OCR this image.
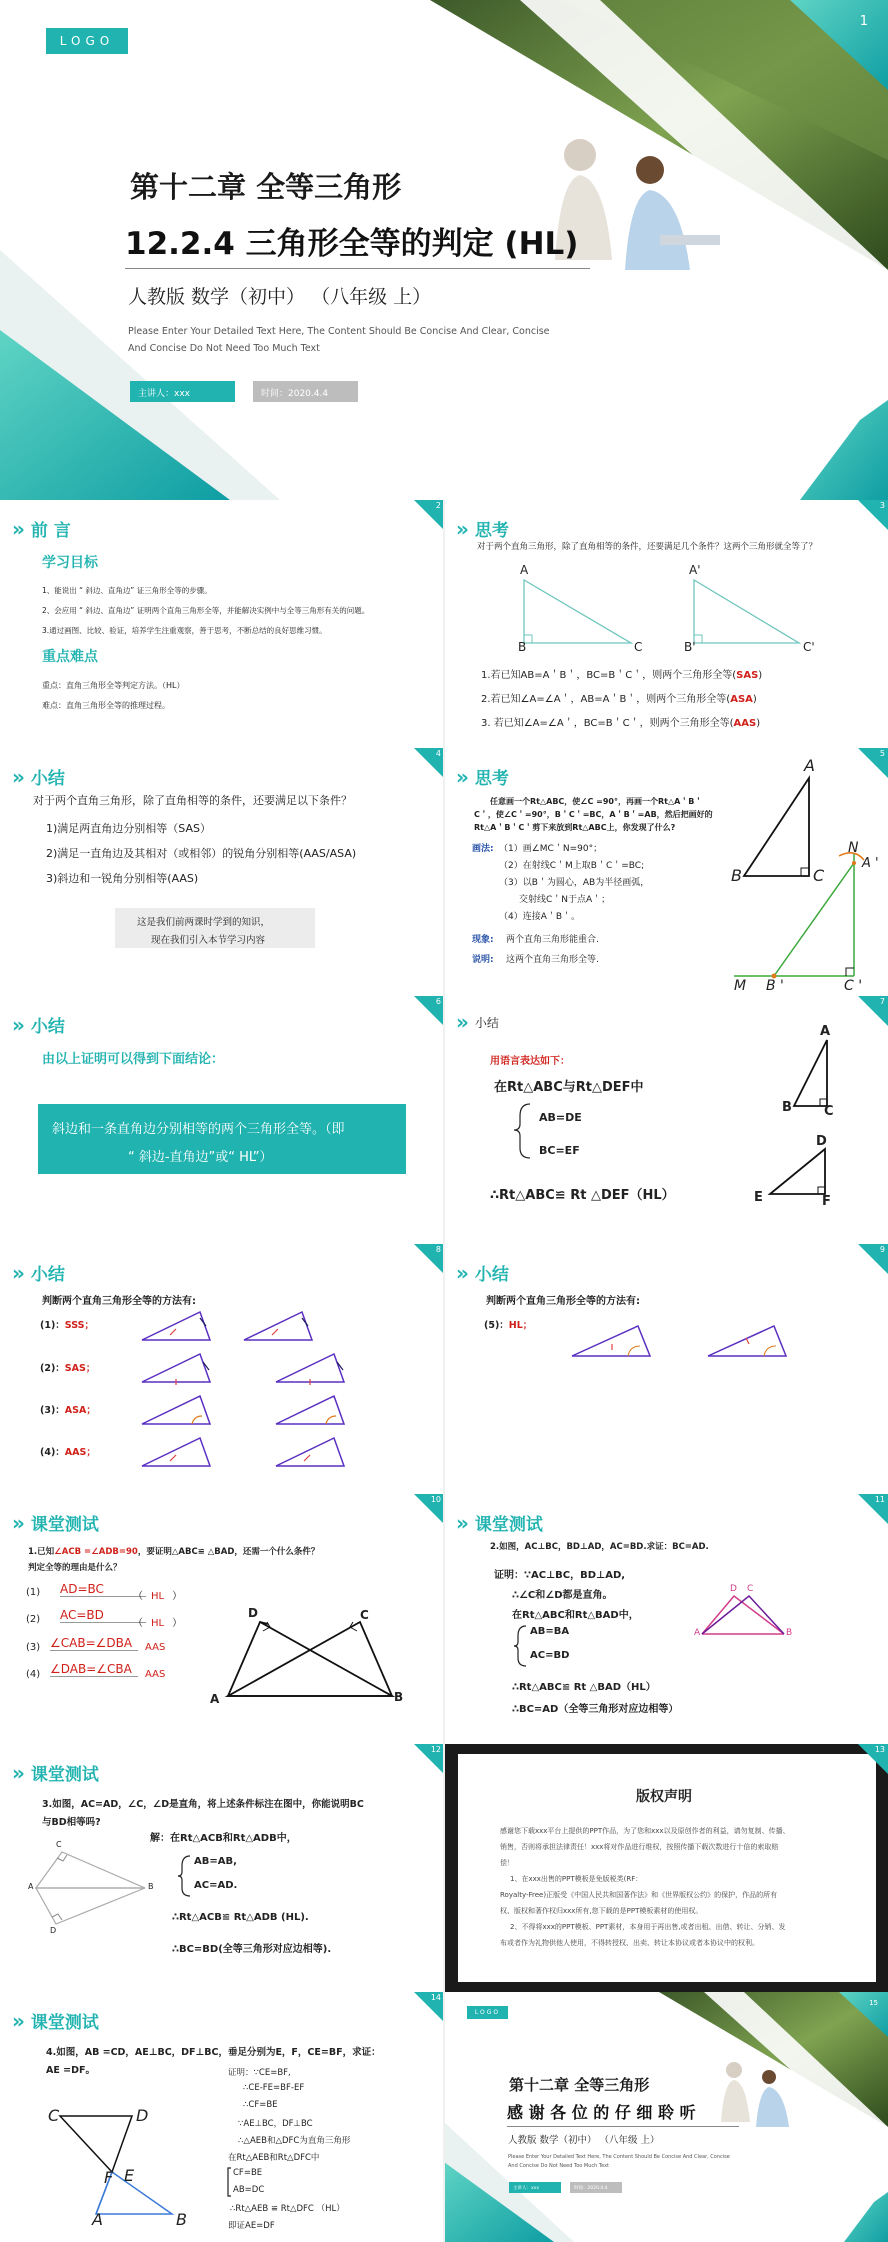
LOGO
1
第十二章 全等三角形
12.2.4 三角形全等的判定 (HL)
人教版 数学（初中） （八年级 上）
Please Enter Your Detailed Text Here, The Content Should Be Concise And Clear, Concise
And Concise Do Not Need Too Much Text
主讲人：xxx	时间：2020.4.4
2
» 前 言
学习目标
1、能说出 “ 斜边、直角边” 证三角形全等的步骤。
2、会应用 “ 斜边、直角边” 证明两个直角三角形全等，并能解决实例中与全等三角形有关的问题。
3.通过画图、比较、验证，培养学生注重观察，善于思考，不断总结的良好思维习惯。
重点难点
重点：直角三角形全等判定方法。（HL）
难点：直角三角形全等的推理过程。
3
» 思考
对于两个直角三角形，除了直角相等的条件，还要满足几个条件？这两个三角形就全等了？
A
B	C
A'
B'	C'
1.若已知AB=A＇B＇，BC=B＇C＇，则两个三角形全等(SAS)
2.若已知∠A=∠A＇，AB=A＇B＇，则两个三角形全等(ASA)
3. 若已知∠A=∠A＇，BC=B＇C＇，则两个三角形全等(AAS)
4
» 小结
对于两个直角三角形，除了直角相等的条件，还要满足以下条件？
1)满足两直角边分别相等（SAS）
2)满足一直角边及其相对（或相邻）的锐角分别相等(AAS/ASA)
3)斜边和一锐角分别相等(AAS)
这是我们前两课时学到的知识，
现在我们引入本节学习内容
5
» 思考
任意画一个Rt△ABC，使∠C =90°，再画一个Rt△A＇B＇
C＇，使∠C＇=90°，B＇C＇=BC，A＇B＇=AB，然后把画好的
Rt△A＇B＇C＇剪下来放到Rt△ABC上，你发现了什么?
画法: （1）画∠MC＇N=90°；
（2）在射线C＇M上取B＇C＇=BC;
（3）以B＇为圆心，AB为半径画弧，
交射线C＇N于点A＇；
（4）连接A＇B＇。
现象: 两个直角三角形能重合.
说明: 这两个直角三角形全等.
A
B	C
N
A '
M B '	C '
6
» 小结
由以上证明可以得到下面结论：
斜边和一条直角边分别相等的两个三角形全等。（即
“ 斜边-直角边”或“ HL”）
7
» 小结
用语言表达如下：
在Rt△ABC与Rt△DEF中
AB=DE
BC=EF
∴Rt△ABC≌ Rt △DEF（HL）
A
B C
D
E	F
8
» 小结
判断两个直角三角形全等的方法有:
(1)：SSS；
(2)：SAS；
(3)：ASA；
(4)：AAS；
9
» 小结
判断两个直角三角形全等的方法有:
(5)：HL；
10
» 课堂测试
1.已知∠ACB =∠ADB=90，要证明△ABC≌ △BAD，还需一个什么条件？
判定全等的理由是什么？
(1) AD=BC
（ HL ）
(2) AC=BD
（ HL ）
(3) ∠CAB=∠DBA	AAS
(4) ∠DAB=∠CBA	AAS
D	C
A	B
11
» 课堂测试
2.如图，AC⊥BC，BD⊥AD，AC=BD.求证：BC=AD.
证明：∵AC⊥BC，BD⊥AD,
∴∠C和∠D都是直角。
在Rt△ABC和Rt△BAD中，
AB=BA
AC=BD
∴Rt△ABC≌ Rt △BAD（HL）
∴BC=AD（全等三角形对应边相等）
A	B
D C
12
» 课堂测试
3.如图，AC=AD，∠C，∠D是直角，将上述条件标注在图中，你能说明BC
与BD相等吗?
解：在Rt△ACB和Rt△ADB中，
AB=AB,
AC=AD.
∴Rt△ACB≌ Rt△ADB (HL).
∴BC=BD(全等三角形对应边相等).
C
A	B
D
13
版权声明
感谢您下载xxx平台上提供的PPT作品，为了您和xxx以及原创作者的利益，请勿复制、传播、
销售，否则将承担法律责任！xxx将对作品进行维权，按照传播下载次数进行十倍的索取赔
偿！
1、在xxx出售的PPT模板是免版税类(RF：
Royalty-Free)正版受《中国人民共和国著作法》和《世界版权公约》的保护，作品的所有
权、版权和著作权归xxx所有,您下载的是PPT模板素材的使用权。
2、不得将xxx的PPT模板、PPT素材，本身用于再出售,或者出租、出借、转让、分销、发
布或者作为礼物供他人使用，不得转授权、出卖、转让本协议或者本协议中的权利。
14
» 课堂测试
4.如图，AB =CD，AE⊥BC，DF⊥BC，垂足分别为E，F，CE=BF，求证：
AE =DF。	证明：∵CE=BF,
∴CE-FE=BF-EF
∴CF=BE
∵AE⊥BC，DF⊥BC
∴△AEB和△DFC为直角三角形
在Rt△AEB和Rt△DFC中
CF=BE
AB=DC
∴Rt△AEB ≌ Rt△DFC （HL）
即证AE=DF
C	D
F E
A	B
LOGO
15
第十二章 全等三角形
感 谢 各 位 的 仔 细 聆 听
人教版 数学（初中） （八年级 上）
Please Enter Your Detailed Text Here, The Content Should Be Concise And Clear, Concise
And Concise Do Not Need Too Much Text
主讲人：xxx	时间：2020.4.4
